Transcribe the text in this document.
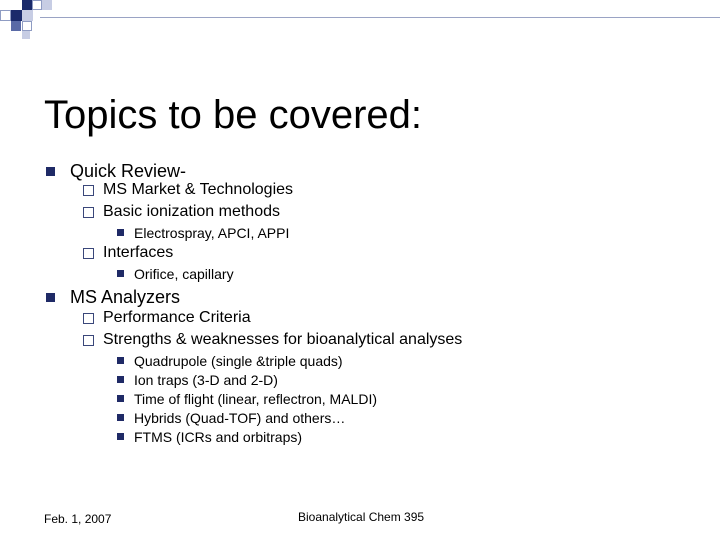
Topics to be covered:
Quick Review-
MS Market & Technologies
Basic ionization methods
Electrospray, APCI, APPI
Interfaces
Orifice, capillary
MS Analyzers
Performance Criteria
Strengths & weaknesses for bioanalytical analyses
Quadrupole (single &triple quads)
Ion traps (3-D and 2-D)
Time of flight (linear, reflectron, MALDI)
Hybrids (Quad-TOF) and others…
FTMS (ICRs and orbitraps)
Feb. 1, 2007	Bioanalytical Chem 395
